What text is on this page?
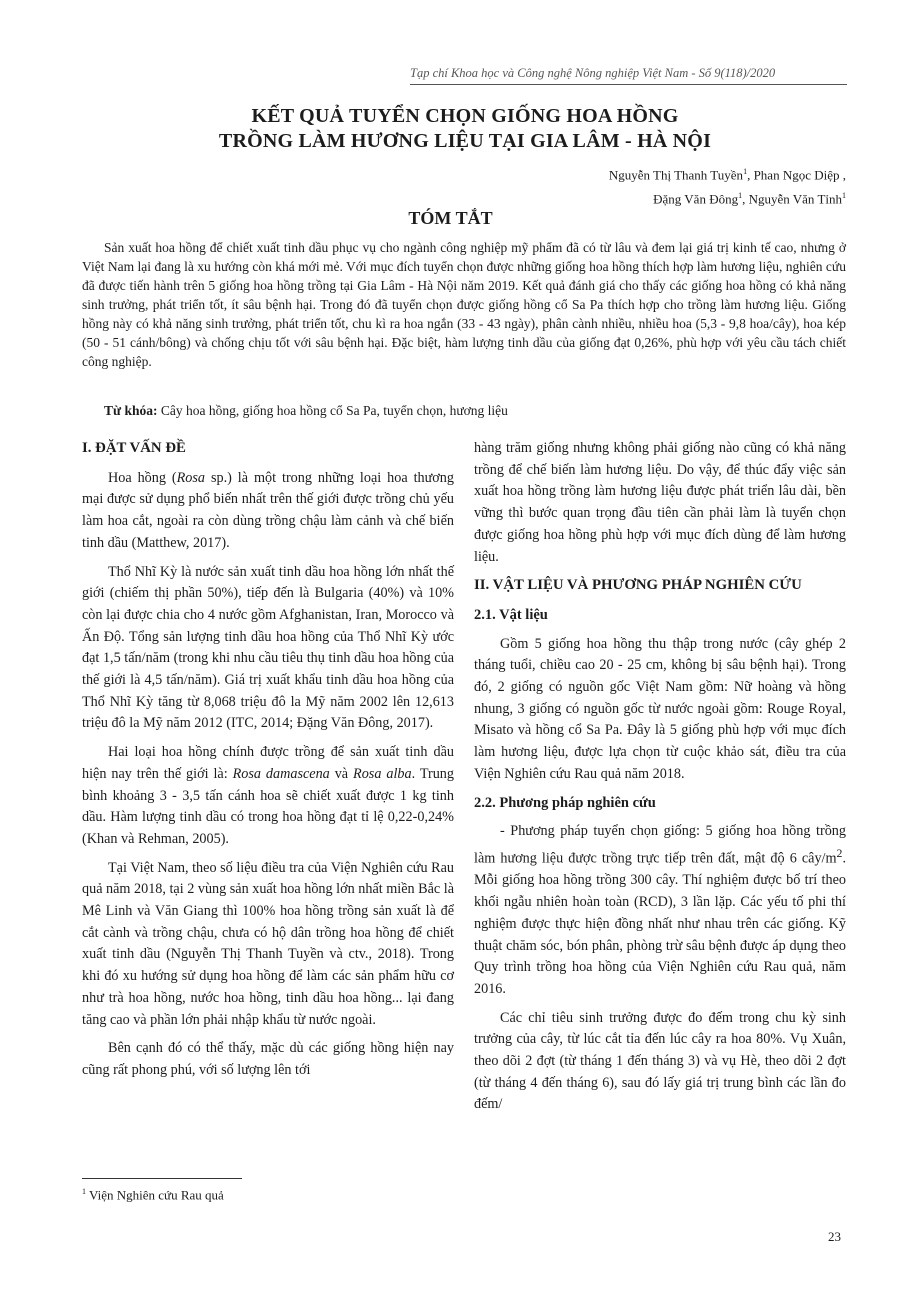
Tạp chí Khoa học và Công nghệ Nông nghiệp Việt Nam - Số 9(118)/2020
KẾT QUẢ TUYỂN CHỌN GIỐNG HOA HỒNG
TRỒNG LÀM HƯƠNG LIỆU TẠI GIA LÂM - HÀ NỘI
Nguyễn Thị Thanh Tuyền$^1$, Phan Ngọc Diệp ,
Đặng Văn Đông$^1$, Nguyễn Văn Tỉnh$^1$
TÓM TẮT

Sản xuất hoa hồng để chiết xuất tinh dầu phục vụ cho ngành công nghiệp mỹ phẩm đã có từ lâu và đem lại giá trị kinh tế cao, nhưng ở Việt Nam lại đang là xu hướng còn khá mới mẻ. Với mục đích tuyển chọn được những giống hoa hồng thích hợp làm hương liệu, nghiên cứu đã được tiến hành trên 5 giống hoa hồng trồng tại Gia Lâm - Hà Nội năm 2019. Kết quả đánh giá cho thấy các giống hoa hồng có khả năng sinh trưởng, phát triển tốt, ít sâu bệnh hại. Trong đó đã tuyển chọn được giống hồng cổ Sa Pa thích hợp cho trồng làm hương liệu. Giống hồng này có khả năng sinh trưởng, phát triển tốt, chu kì ra hoa ngắn (33 - 43 ngày), phân cành nhiều, nhiều hoa (5,3 - 9,8 hoa/cây), hoa kép (50 - 51 cánh/bông) và chống chịu tốt với sâu bệnh hại. Đặc biệt, hàm lượng tinh dầu của giống đạt 0,26%, phù hợp với yêu cầu tách chiết công nghiệp.

Từ khóa: Cây hoa hồng, giống hoa hồng cổ Sa Pa, tuyển chọn, hương liệu

I. ĐẶT VẤN ĐỀ

Hoa hồng (Rosa sp.) là một trong những loại hoa thương mại được sử dụng phổ biến nhất trên thế giới được trồng chủ yếu làm hoa cắt, ngoài ra còn dùng trồng chậu làm cảnh và chế biến tinh dầu (Matthew, 2017).

Thổ Nhĩ Kỳ là nước sản xuất tinh dầu hoa hồng lớn nhất thế giới (chiếm thị phần 50%), tiếp đến là Bulgaria (40%) và 10% còn lại được chia cho 4 nước gồm Afghanistan, Iran, Morocco và Ấn Độ. Tổng sản lượng tinh dầu hoa hồng của Thổ Nhĩ Kỳ ước đạt 1,5 tấn/năm (trong khi nhu cầu tiêu thụ tinh dầu hoa hồng của thế giới là 4,5 tấn/năm). Giá trị xuất khẩu tinh dầu hoa hồng của Thổ Nhĩ Kỳ tăng từ 8,068 triệu đô la Mỹ năm 2002 lên 12,613 triệu đô la Mỹ năm 2012 (ITC, 2014; Đặng Văn Đông, 2017).

Hai loại hoa hồng chính được trồng để sản xuất tinh dầu hiện nay trên thế giới là: Rosa damascena và Rosa alba. Trung bình khoảng 3 - 3,5 tấn cánh hoa sẽ chiết xuất được 1 kg tinh dầu. Hàm lượng tinh dầu có trong hoa hồng đạt tỉ lệ 0,22-0,24% (Khan và Rehman, 2005).

Tại Việt Nam, theo số liệu điều tra của Viện Nghiên cứu Rau quả năm 2018, tại 2 vùng sản xuất hoa hồng lớn nhất miền Bắc là Mê Linh và Văn Giang thì 100% hoa hồng trồng sản xuất là để cắt cành và trồng chậu, chưa có hộ dân trồng hoa hồng để chiết xuất tinh dầu (Nguyễn Thị Thanh Tuyền và ctv., 2018). Trong khi đó xu hướng sử dụng hoa hồng để làm các sản phẩm hữu cơ như trà hoa hồng, nước hoa hồng, tinh dầu hoa hồng... lại đang tăng cao và phần lớn phải nhập khẩu từ nước ngoài.

Bên cạnh đó có thể thấy, mặc dù các giống hồng hiện nay cũng rất phong phú, với số lượng lên tới

hàng trăm giống nhưng không phải giống nào cũng có khả năng trồng để chế biến làm hương liệu. Do vậy, để thúc đẩy việc sản xuất hoa hồng trồng làm hương liệu được phát triển lâu dài, bền vững thì bước quan trọng đầu tiên cần phải làm là tuyển chọn được giống hoa hồng phù hợp với mục đích dùng để làm hương liệu.

II. VẬT LIỆU VÀ PHƯƠNG PHÁP NGHIÊN CỨU
2.1. Vật liệu

Gồm 5 giống hoa hồng thu thập trong nước (cây ghép 2 tháng tuổi, chiều cao 20 - 25 cm, không bị sâu bệnh hại). Trong đó, 2 giống có nguồn gốc Việt Nam gồm: Nữ hoàng và hồng nhung, 3 giống có nguồn gốc từ nước ngoài gồm: Rouge Royal, Misato và hồng cổ Sa Pa. Đây là 5 giống phù hợp với mục đích làm hương liệu, được lựa chọn từ cuộc khảo sát, điều tra của Viện Nghiên cứu Rau quả năm 2018.

2.2. Phương pháp nghiên cứu

- Phương pháp tuyển chọn giống: 5 giống hoa hồng trồng làm hương liệu được trồng trực tiếp trên đất, mật độ 6 cây/$m^2$. Mỗi giống hoa hồng trồng 300 cây. Thí nghiệm được bố trí theo khối ngẫu nhiên hoàn toàn (RCD), 3 lần lặp. Các yếu tố phi thí nghiệm được thực hiện đồng nhất như nhau trên các giống. Kỹ thuật chăm sóc, bón phân, phòng trừ sâu bệnh được áp dụng theo Quy trình trồng hoa hồng của Viện Nghiên cứu Rau quả, năm 2016.

Các chỉ tiêu sinh trưởng được đo đếm trong chu kỳ sinh trưởng của cây, từ lúc cắt tỉa đến lúc cây ra hoa 80%. Vụ Xuân, theo dõi 2 đợt (từ tháng 1 đến tháng 3) và vụ Hè, theo dõi 2 đợt (từ tháng 4 đến tháng 6), sau đó lấy giá trị trung bình các lần đo đếm/

$^1$ Viện Nghiên cứu Rau quả
23
